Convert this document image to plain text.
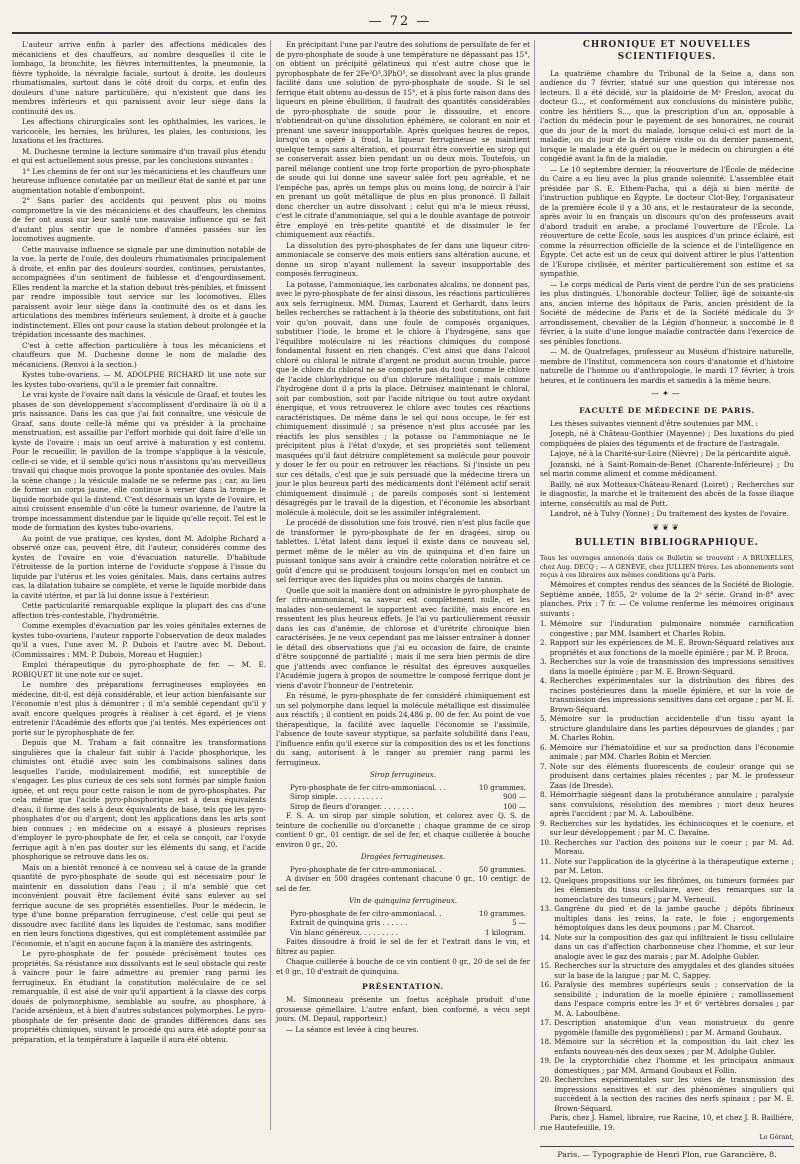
— 72 —

L'auteur arrive enfin à parler des affections médicales des mécaniciens et des chauffeurs, au nombre desquelles il cite le lombago, la bronchite, les fièvres intermittentes, la pneumonie, la fièvre typhoïde, la névralgie faciale, surtout à droite, les douleurs rhumatismales, surtout dans le côté droit du corps, et enfin des douleurs d'une nature particulière, qui n'existent que dans les membres inférieurs et qui paraissent avoir leur siège dans la continuité des os.

Les affections chirurgicales sont les ophthalmies, les varices, le varicocèle, les hernies, les brûlures, les plaies, les contusions, les luxations et les fractures.

M. Duchesne termine la lecture sommaire d'un travail plus étendu et qui est actuellement sous presse, par les conclusions suivantes :

1° Les chemins de fer ont sur les mécaniciens et les chauffeurs une heureuse influence constatée par un meilleur état de santé et par une augmentation notable d'embonpoint.

2° Sans parler des accidents qui peuvent plus ou moins compromettre la vie des mécaniciens et des chauffeurs, les chemins de fer ont aussi sur leur santé une mauvaise influence qui se fait d'autant plus sentir que le nombre d'années passées sur les locomotives augmente.

Cette mauvaise influence se signale par une diminution notable de la vue, la perte de l'ouïe, des douleurs rhumatismales principalement à droite, et enfin par des douleurs sourdes, continues, persistantes, accompagnées d'un sentiment de faiblesse et d'engourdissement. Elles rendent la marche et la station debout très-pénibles, et finissent par rendre impossible tout service sur les locomotives. Elles paraissent avoir leur siège dans la continuité des os et dans les articulations des membres inférieurs seulement, à droite et à gauche indistinctement. Elles ont pour cause la station debout prolongée et la trépidation incessante des machines.

C'est à cette affection particulière à tous les mécaniciens et chauffeurs que M. Duchesne donne le nom de maladie des mécaniciens. (Renvoi à la section.)

Kystes tubo-ovariens. — M. ADOLPHE RICHARD lit une note sur les kystes tubo-ovariens, qu'il a le premier fait connaître.

Le vrai kyste de l'ovaire naît dans la vésicule de Graaf, et toutes les phases de son développement s'accomplissent d'ordinaire là où il a pris naissance. Dans les cas que j'ai fait connaître, une vésicule de Graaf, sans doute celle-là même qui va présider à la prochaine menstruation, est assaillie par l'effort morbide qui doit faire d'elle un kyste de l'ovaire : mais un oeuf arrivé à maturation y est contenu. Pour le recueillir, le pavillon de la trompe s'applique à la vésicule, celle-ci se vide, et il semble qu'ici nous n'assistons qu'au merveilleux travail qui chaque mois provoque la ponte spontanée des ovules. Mais la scène change ; la vésicule malade ne se referme pas ; car, au lieu de former un corps jaune, elle continue à verser dans la trompe le liquide morbide qui la distend. C'est désormais un kyste de l'ovaire, et ainsi croissent ensemble d'un côté la tumeur ovarienne, de l'autre la trompe incessamment distendue par le liquide qu'elle reçoit. Tel est le mode de formation des kystes tubo-ovariens.

Au point de vue pratique, ces kystes, dont M. Adolphe Richard a observé onze cas, peuvent être, dit l'auteur, considérés comme des kystes de l'ovaire en voie d'évacuation naturelle. D'habitude l'étroitesse de la portion interne de l'oviducte s'oppose à l'issue du liquide par l'utérus et les voies génitales. Mais, dans certains autres cas, la dilatation tubaire se complète, et verse le liquide morbide dans la cavité utérine, et par là lui donne issue à l'extérieur.

Cette particularité remarquable explique la plupart des cas d'une affection très-contestable, l'hydrométrie.

Comme exemples d'évacuation par les voies génitales externes de kystes tubo-ovariens, l'auteur rapporte l'observation de deux malades qu'il a vues, l'une avec M. P. Dubois et l'autre avec M. Debout. (Commissaires : MM. P. Dubois, Moreau et Huguier.)

Emploi thérapeutique du pyro-phosphate de fer. — M. E. ROBIQUET lit une note sur ce sujet.

Le nombre des préparations ferrugineuses employées en médecine, dit-il, est déjà considérable, et leur action bienfaisante sur l'économie n'est plus à démontrer ; il m'a semblé cependant qu'il y avait encore quelques progrès à réaliser à cet égard, et je viens entretenir l'Académie des efforts que j'ai tentés. Mes expériences ont porté sur le pyrophosphate de fer.

Depuis que M. Traham a fait connaître les transformations singulières que la chaleur fait subir à l'acide phosphorique, les chimistes ont étudié avec soin les combinaisons salines dans lesquelles l'acide, modulairement modifié, est susceptible de s'engager. Les plus curieux de ces sels sont formés par simple fusion ignée, et ont reçu pour cette raison le nom de pyro-phosphates. Par cela même que l'acide pyro-phosphorique est à deux équivalents d'eau, il forme des sels à deux équivalents de base, tels que les pyro-phosphates d'or ou d'argent, dont les applications dans les arts sont bien connues ; en médecine on a essayé à plusieurs reprises d'employer le pyro-phosphate de fer, et cela se conçoit, car l'oxyde ferrique agit à n'en pas douter sur les éléments du sang, et l'acide phosphorique se retrouve dans les os.

Mais on a bientôt renoncé à ce nouveau sel à cause de la grande quantité de pyro-phosphate de soude qui est nécessaire pour le maintenir en dissolution dans l'eau ; il m'a semblé que cet inconvénient pouvait être facilement évité sans enlever au sel ferrique aucune de ses propriétés essentielles. Pour le médecin, le type d'une bonne préparation ferrugineuse, c'est celle qui peut se dissoudre avec facilité dans les liquides de l'estomac, sans modifier en rien leurs fonctions digestives, qui est complètement assimilée par l'économie, et n'agit en aucune façon à la manière des astringents.

Le pyro-phosphate de fer possède précisément toutes ces propriétés. Sa résistance aux dissolvants est le seul obstacle qui reste à vaincre pour le faire admettre au premier rang parmi les ferrugineux. En étudiant la constitution moléculaire de ce sel remarquable, il est aisé de voir qu'il appartient à la classe des corps doués de polymorphisme, semblable au soufre, au phosphore, à l'acide arsénieux, et à bien d'autres substances polymorphes. Le pyro-phosphate de fer présente donc de grandes différences dans ses propriétés chimiques, suivant le procédé qui aura été adopté pour sa préparation, et la température à laquelle il aura été obtenu.

En précipitant l'une par l'autre des solutions de persulfate de fer et de pyro-phosphate de soude à une température ne dépassant pas 15°, on obtient un précipité gélatineux qui n'est autre chose que le pyrophosphate de fer 2Fe²O³,3PhO⁵, se dissolvant avec la plus grande facilité dans une solution de pyro-phosphate de soude. Si le sel ferrique était obtenu au-dessus de 15°, et à plus forte raison dans des liqueurs en pleine ébullition, il faudrait des quantités considérables de pyro-phosphate de soude pour le dissoudre, et encore n'obtiendrait-on qu'une dissolution éphémère, se colorant en noir et prenant une saveur insupportable. Après quelques heures de repos, lorsqu'on a opéré à froid, la liqueur ferrugineuse se maintient quelque temps sans altération, et pourrait être convertie en sirop qui se conserverait assez bien pendant un ou deux mois. Toutefois, un pareil mélange contient une trop forte proportion de pyro-phosphate de soude qui lui donne une saveur salée fort peu agréable, et ne l'empêche pas, après un temps plus ou moins long, de noircir à l'air en prenant un goût métallique de plus en plus prononcé. Il fallait donc chercher un autre dissolvant ; celui qui m'a le mieux réussi, c'est le citrate d'ammoniaque, sel qui a le double avantage de pouvoir être employé en très-petite quantité et de dissimuler le fer chimiquement aux réactifs.

La dissolution des pyro-phosphates de fer dans une liqueur citro-ammoniacale se conserve des mois entiers sans altération aucune, et donne un sirop n'ayant nullement la saveur insupportable des composés ferrugineux.

La potasse, l'ammoniaque, les carbonates alcalins, ne donnent pas, avec le pyro-phosphate de fer ainsi dissous, les réactions particulières aux sels ferrugineux. MM. Dumas, Laurent et Gerhardt, dans leurs belles recherches se rattachent à la théorie des substitutions, ont fait voir qu'on pouvait, dans une foule de composés organiques, substituer l'iode, le brome et le chlore à l'hydrogène, sans que l'équilibre moléculaire ni les réactions chimiques du composé fondamental fussent en rien changés. C'est ainsi que dans l'alcool chloré ou chloral le nitrate d'argent ne produit aucun trouble, parce que le chlore du chloral ne se comporte pas du tout comme le chlore de l'acide chlorhydrique ou d'un chlorure métallique ; mais comme l'hydrogène dont il a pris la place. Détruisez maintenant le chloral, soit par combustion, soit par l'acide nitrique ou tout autre oxydant énergique, et vous retrouverez le chlore avec toutes ces réactions caractéristiques. De même dans le sel qui nous occupe, le fer est chimiquement dissimulé ; sa présence n'est plus accusée par les réactifs les plus sensibles ; la potasse ou l'ammoniaque ne le précipitent plus à l'état d'oxyde, et ses propriétés sont tellement masquées qu'il faut détruire complètement sa molécule pour pouvoir y doser le fer ou pour en retrouver les réactions. Si j'insiste un peu sur ces détails, c'est que je suis persuadé que la médecine tirera un jour le plus heureux parti des médicaments dont l'élément actif serait chimiquement dissimulé ; de pareils composés sont si lentement désagrégés par le travail de la digestion, et l'économie les absorbant molécule à molécule, doit se les assimiler intégralement.

Le procédé de dissolution une fois trouvé, rien n'est plus facile que de transformer le pyro-phosphate de fer en dragées, sirop ou tablettes. L'état latent dans lequel il existe dans ce nouveau sel, permet même de le mêler au vin de quinquina et d'en faire un puissant tonique sans avoir à craindre cette coloration noirâtre et ce goût d'encre qui se produisent toujours lorsqu'on met en contact un sel ferrique avec des liquides plus ou moins chargés de tannin.

Quelle que soit la manière dont on administre le pyro-phosphate de fer citro-ammoniacal, sa saveur est complètement nulle, et les malades non-seulement le supportent avec facilité, mais encore en ressentent les plus heureux effets. Je l'ai vu particulièrement réussir dans les cas d'anémie, de chlorose et d'urétrite chronique bien caractérisées. Je ne veux cependant pas me laisser entraîner à donner le détail des observations que j'ai eu occasion de faire, de crainte d'être soupçonné de partialité ; mais il me sera bien permis de dire que j'attends avec confiance le résultat des épreuves auxquelles l'Académie jugera à propos de soumettre le composé ferrique dont je viens d'avoir l'honneur de l'entretenir.

En résumé, le pyro-phosphate de fer considéré chimiquement est un sel polymorphe dans lequel la molécule métallique est dissimulée aux réactifs ; il contient en poids 24,486 p. 00 de fer. Au point de vue thérapeutique, la facilité avec laquelle l'économie se l'assimile, l'absence de toute saveur styptique, sa parfaite solubilité dans l'eau, l'influence enfin qu'il exerce sur la composition des os et les fonctions du sang, autorisent à le ranger au premier rang parmi les ferrugineux.

Sirop ferrugineux.
Pyro-phosphate de fer citro-ammoniacal. . .	10 grammes.
Sirop simple. . . . . . . . . . .	900 —
Sirop de fleurs d'oranger. . . . . . . .	100 —

F. S. A. un sirop par simple solution, et colorez avec Q. S. de teinture de cochenille ou d'orcanette ; chaque gramme de ce sirop contient 0 gr., 01 centigr. de sel de fer, et chaque cuillerée à bouche environ 0 gr., 20.

Dragées ferrugineuses.
Pyro-phosphate de fer citro-ammoniacal. .	50 grammes.

A diviser en 500 dragées contenant chacune 0 gr., 10 centigr. de sel de fer.

Vin de quinquina ferrugineux.
Pyro-phosphate de fer citro-ammoniacal. .	10 grammes.
Extrait de quinquina gris . . . . . .	5 —
Vin blanc généreux. . . . . . . . .	1 kilogram.

Faites dissoudre à froid le sel de fer et l'extrait dans le vin, et filtrez au papier.

Chaque cuillerée à bouche de ce vin contient 0 gr., 20 de sel de fer et 0 gr., 10 d'extrait de quinquina.

PRÉSENTATION.

M. Simonneau présente un foetus acéphale produit d'une grossesse gémellaire. L'autre enfant, bien conformé, a vécu sept jours. (M. Depaul, rapporteur.)

— La séance est levée à cinq heures.

CHRONIQUE ET NOUVELLES SCIENTIFIQUES.

La quatrième chambre du Tribunal de la Seine a, dans son audience du 7 février, statué sur une question qui intéresse nos lecteurs. Il a été décidé, sur la plaidoirie de Mᵉ Freslon, avocat du docteur G..., et conformément aux conclusions du ministère public, contre les héritiers S..., que la prescription d'un an, opposable à l'action du médecin pour le payement de ses honoraires, ne courait que du jour de la mort du malade, lorsque celui-ci est mort de la maladie, ou du jour de la dernière visite ou du dernier pansement, lorsque le malade a été guéri ou que le médecin ou chirurgien a été congédié avant la fin de la maladie.

— Le 10 septembre dernier, la réouverture de l'École de médecine du Caire a eu lieu avec la plus grande solennité. L'assemblée était présidée par S. E. Ethem-Pacha, qui a déjà si bien mérité de l'instruction publique en Égypte. Le docteur Clot-Bey, l'organisateur de la première école il y a 30 ans, et le restaurateur de la seconde, après avoir lu en français un discours qu'on des professeurs avait d'abord traduit en arabe, a proclamé l'ouverture de l'École. La réouverture de cette École, sous les auspices d'un prince éclairé, est comme la résurrection officielle de la science et de l'intelligence en Égypte. Cet acte est un de ceux qui doivent attirer le plus l'attention de l'Europe civilisée, et mériter particulièrement son estime et sa sympathie.

— Le corps médical de Paris vient de perdre l'un de ses praticiens les plus distingués. L'honorable docteur Tollier, âgé de soixante-six ans, ancien interne des hôpitaux de Paris, ancien président de la Société de médecine de Paris et de la Société médicale du 3ᵉ arrondissement, chevalier de la Légion d'honneur, a succombé le 8 février, à la suite d'une longue maladie contractée dans l'exercice de ses pénibles fonctions.

— M. de Quatrefages, professeur au Muséum d'histoire naturelle, membre de l'Institut, commencera son cours d'anatomie et d'histoire naturelle de l'homme ou d'anthropologie, le mardi 17 février, à trois heures, et le continuera les mardis et samedis à la même heure.

—✦—
FACULTÉ DE MÉDECINE DE PARIS.

Les thèses suivantes viennent d'être soutenues par MM. :

Joseph, né à Château-Gonthier (Mayenne) ; Des luxations du pied compliquées de plaies des téguments et de fracture de l'astragale.

Lajoye, né à la Charité-sur-Loire (Nièvre) ; De la péricardite aiguë.

Jozanski, né à Saint-Romain-de-Benet (Charente-Inférieure) ; Du sel marin comme aliment et comme médicament.

Bailly, né aux Motteaux-Château-Renard (Loiret) ; Recherches sur le diagnostic, la marche et le traitement des abcès de la fosse iliaque interne, consécutifs au mal de Pott.

Landrot, né à Tulvy (Yonne) ; Du traitement des kystes de l'ovaire.

❦❦❦
BULLETIN BIBLIOGRAPHIQUE.

Tous les ouvrages annoncés dans ce Bulletin se trouvent : A BRUXELLES, chez Aug. DECQ ; — A GENÈVE, chez JULLIEN frères. Les abonnements sont reçus à ces libraires aux mêmes conditions qu'à Paris.

Mémoires et comptes rendus des séances de la Société de Biologie. Septième année, 1855, 2ᵉ volume de la 2ᵉ série. Grand in-8° avec planches. Prix : 7 fr. — Ce volume renferme les mémoires originaux suivants :

1. Mémoire sur l'induration pulmonaire nommée carnification congestive ; par MM. Isambert et Charles Robin.
2. Rapport sur les expériences de M. E. Brown-Séquard relatives aux propriétés et aux fonctions de la moelle épinière ; par M. P. Broca.
3. Recherches sur la voie de transmission des impressions sensitives dans la moelle épinière ; par M. E. Brown-Séquard.
4. Recherches expérimentales sur la distribution des fibres des racines postérieures dans la moelle épinière, et sur la voie de transmission des impressions sensitives dans cet organe ; par M. E. Brown-Séquard.
5. Mémoire sur la production accidentelle d'un tissu ayant la structure glandulaire dans les parties dépourvues de glandes ; par M. Charles Robin.
6. Mémoire sur l'hématoïdine et sur sa production dans l'économie animale ; par MM. Charles Robin et Mercier.
7. Note sur des éléments fluorescents de couleur orange qui se produisent dans certaines plaies récentes ; par M. le professeur Zaas (de Dresde).
8. Hémorrhagie siégeant dans la protubérance annulaire ; paralysie sans convulsions, résolution des membres ; mort deux heures après l'accident ; par M. A. Laboulbène.
9. Recherches sur les hydatides, les échinocoques et le coenure, et sur leur développement ; par M. C. Davaine.
10. Recherches sur l'action des poisons sur le coeur ; par M. Ad. Moreau.
11. Note sur l'application de la glycérine à la thérapeutique externe ; par M. Leton.
12. Quelques propositions sur les fibrômes, ou tumeurs formées par les éléments du tissu cellulaire, avec des remarques sur la nomenclature des tumeurs ; par M. Verneuil.
13. Gangrène du pied et de la jambe gauche ; dépôts fibrineux multiples dans les reins, la rate, le foie ; engorgements hémoptoïques dans les deux poumons ; par M. Charcot.
14. Note sur la composition des gaz qui infiltraient le tissu cellulaire dans un cas d'affection charbonneuse chez l'homme, et sur leur analogie avec le gaz des marais ; par M. Adolphe Gubler.
15. Recherches sur la structure des amygdales et des glandes situées sur la base de la langue ; par M. C. Sappey.
16. Paralysie des membres supérieurs seuls ; conservation de la sensibilité ; induration de la moelle épinière ; ramollissement dans l'espace compris entre les 3ᵉ et 6ᵉ vertèbres dorsales ; par M. A. Laboulbène.
17. Description anatomique d'un veau monstrueux du genre pygomèle (famille des pygomèliens) ; par M. Armand Goubaux.
18. Mémoire sur la sécrétion et la composition du lait chez les enfants nouveau-nés des deux sexes ; par M. Adolphe Gubler.
19. De la cryptorchidie chez l'homme et les principaux animaux domestiques ; par MM. Armand Goubaux et Follin.
20. Recherches expérimentales sur les voies de transmission des impressions sensitives et sur des phénomènes singuliers qui succèdent à la section des racines des nerfs spinaux ; par M. E. Brown-Séquard.

Paris, chez J. Hamel, libraire, rue Racine, 10, et chez J. B. Baillière, rue Hautefeuille, 19.

Le Gérant,
Paris. — Typographie de Henri Plon, rue Garancière, 8.
